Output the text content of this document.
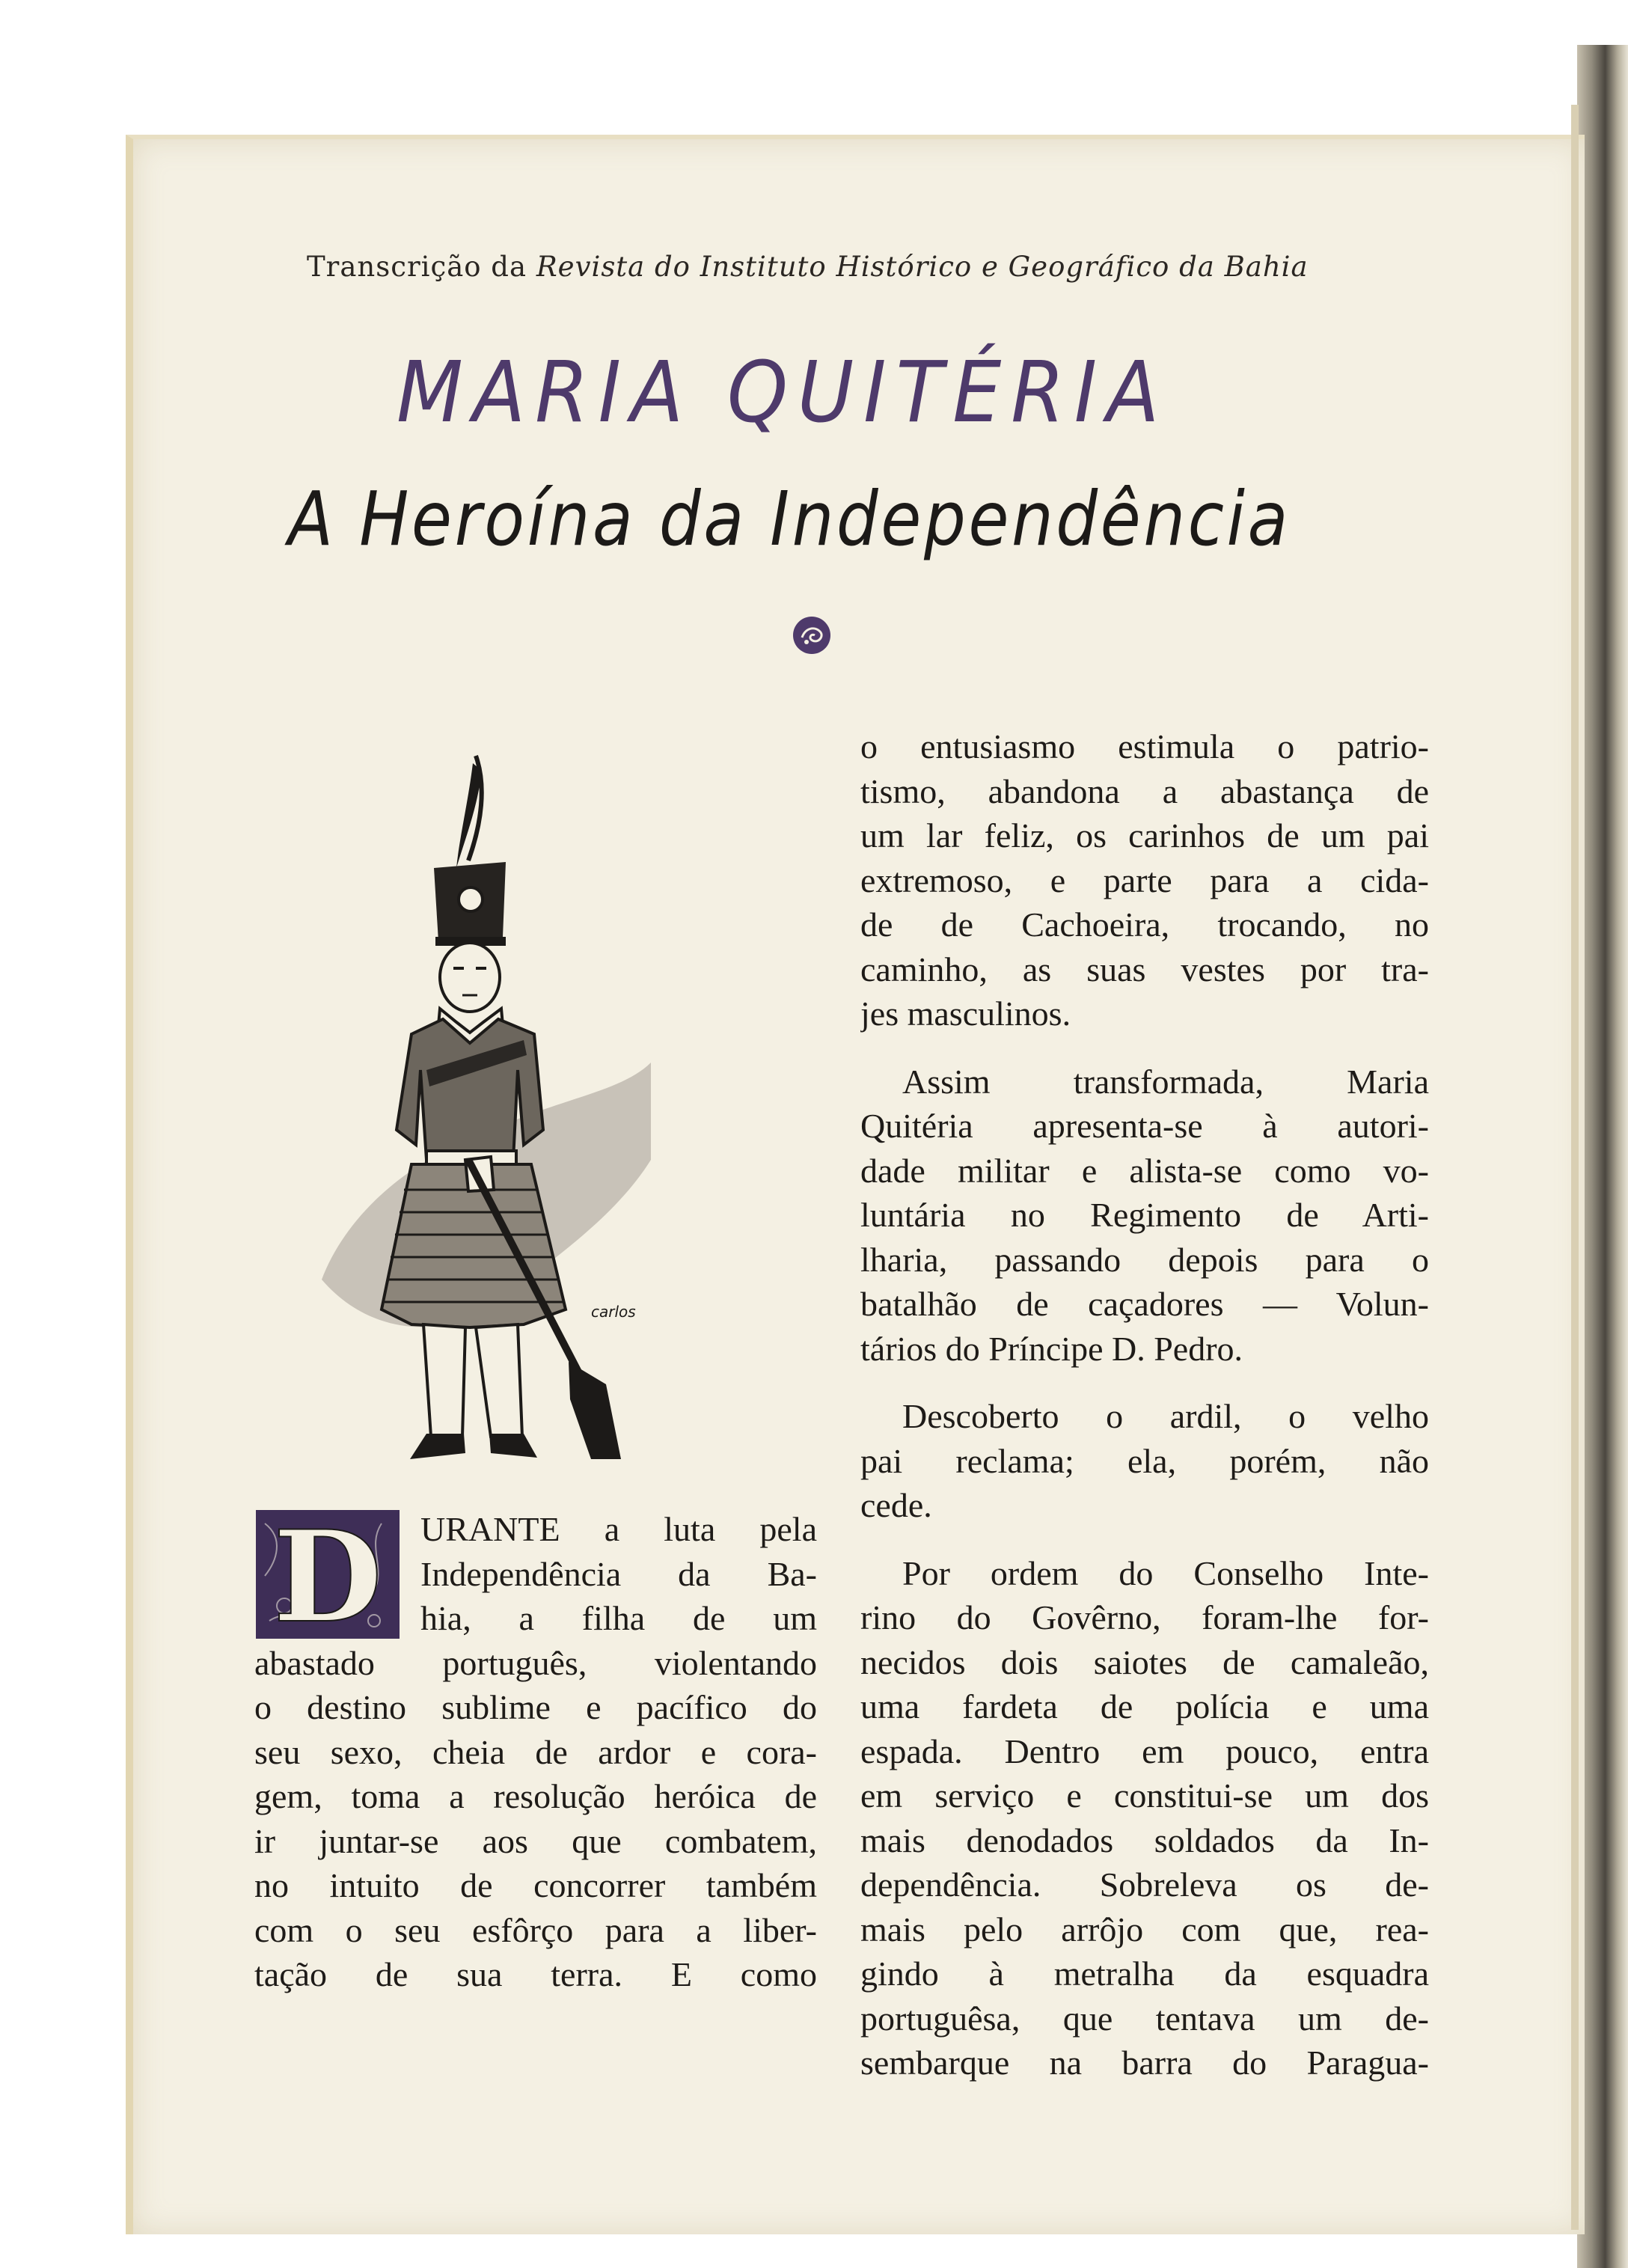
Transcrição da Revista do Instituto Histórico e Geográfico da Bahia
MARIA QUITÉRIA
A Heroína da Independência
carlos
D	URANTE a luta pela
Independência da Ba-
hia, a filha de um
abastado português, violentando
o destino sublime e pacífico do
seu sexo, cheia de ardor e cora-
gem, toma a resolução heróica de
ir juntar-se aos que combatem,
no intuito de concorrer também
com o seu esfôrço para a liber-
tação de sua terra. E como
o entusiasmo estimula o patrio-
tismo, abandona a abastança de
um lar feliz, os carinhos de um pai
extremoso, e parte para a cida-
de de Cachoeira, trocando, no
caminho, as suas vestes por tra-
jes masculinos.
Assim transformada, Maria
Quitéria apresenta-se à autori-
dade militar e alista-se como vo-
luntária no Regimento de Arti-
lharia, passando depois para o
batalhão de caçadores — Volun-
tários do Príncipe D. Pedro.
Descoberto o ardil, o velho
pai reclama; ela, porém, não
cede.
Por ordem do Conselho Inte-
rino do Govêrno, foram-lhe for-
necidos dois saiotes de camaleão,
uma fardeta de polícia e uma
espada. Dentro em pouco, entra
em serviço e constitui-se um dos
mais denodados soldados da In-
dependência. Sobreleva os de-
mais pelo arrôjo com que, rea-
gindo à metralha da esquadra
portuguêsa, que tentava um de-
sembarque na barra do Paragua-
